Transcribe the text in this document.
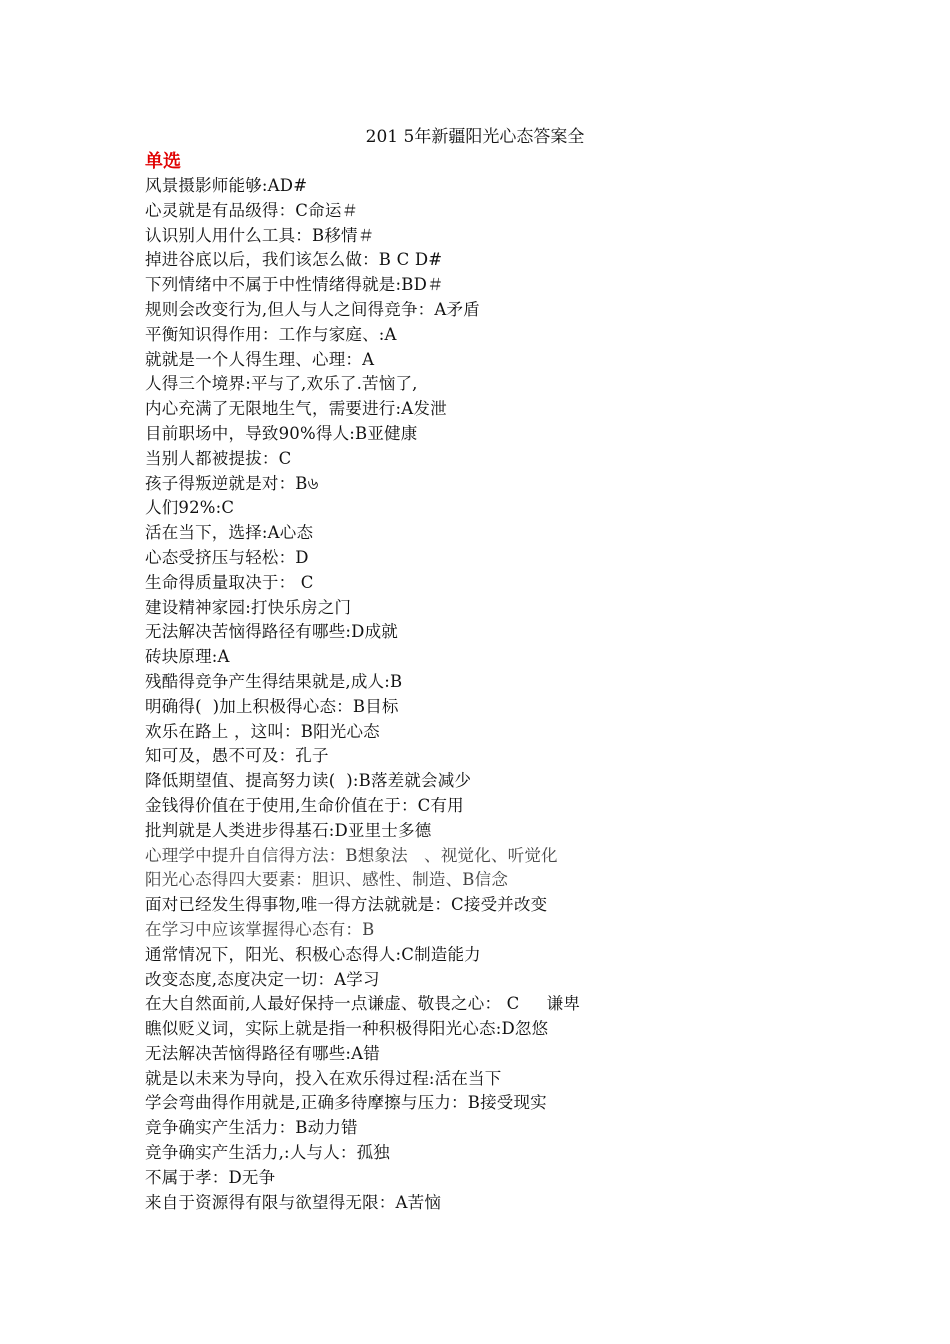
201 5年新疆阳光心态答案全
单选
风景摄影师能够:AD#
心灵就是有品级得：C命运＃
认识别人用什么工具：B移情＃
掉进谷底以后，我们该怎么做：B C D#
下列情绪中不属于中性情绪得就是:BD＃
规则会改变行为,但人与人之间得竞争：A矛盾
平衡知识得作用：工作与家庭、:A
就就是一个人得生理、心理：A
人得三个境界:平与了,欢乐了.苦恼了,
内心充满了无限地生气，需要进行:A发泄
目前职场中，导致90%得人:B亚健康
当别人都被提拔：C
孩子得叛逆就是对：B৬
人们92%:C
活在当下，选择:A心态
心态受挤压与轻松：D
生命得质量取决于： C
建设精神家园:打快乐房之门
无法解决苦恼得路径有哪些:D成就
砖块原理:A
残酷得竞争产生得结果就是,成人:B
明确得(  )加上积极得心态：B目标
欢乐在路上 ，这叫：B阳光心态
知可及，愚不可及：孔子
降低期望值、提高努力读(  ):B落差就会减少
金钱得价值在于使用,生命价值在于：C有用
批判就是人类进步得基石:D亚里士多德
心理学中提升自信得方法：B想象法   、视觉化、听觉化
阳光心态得四大要素：胆识、感性、制造、B信念
面对已经发生得事物,唯一得方法就就是：C接受并改变
在学习中应该掌握得心态有：B
通常情况下，阳光、积极心态得人:C制造能力
改变态度,态度决定一切：A学习
在大自然面前,人最好保持一点谦虚、敬畏之心： C     谦卑
瞧似贬义词，实际上就是指一种积极得阳光心态:D忽悠
无法解决苦恼得路径有哪些:A错
就是以未来为导向，投入在欢乐得过程:活在当下
学会弯曲得作用就是,正确多待摩擦与压力：B接受现实
竞争确实产生活力：B动力错
竞争确实产生活力,:人与人：孤独
不属于孝：D无争
来自于资源得有限与欲望得无限：A苦恼
